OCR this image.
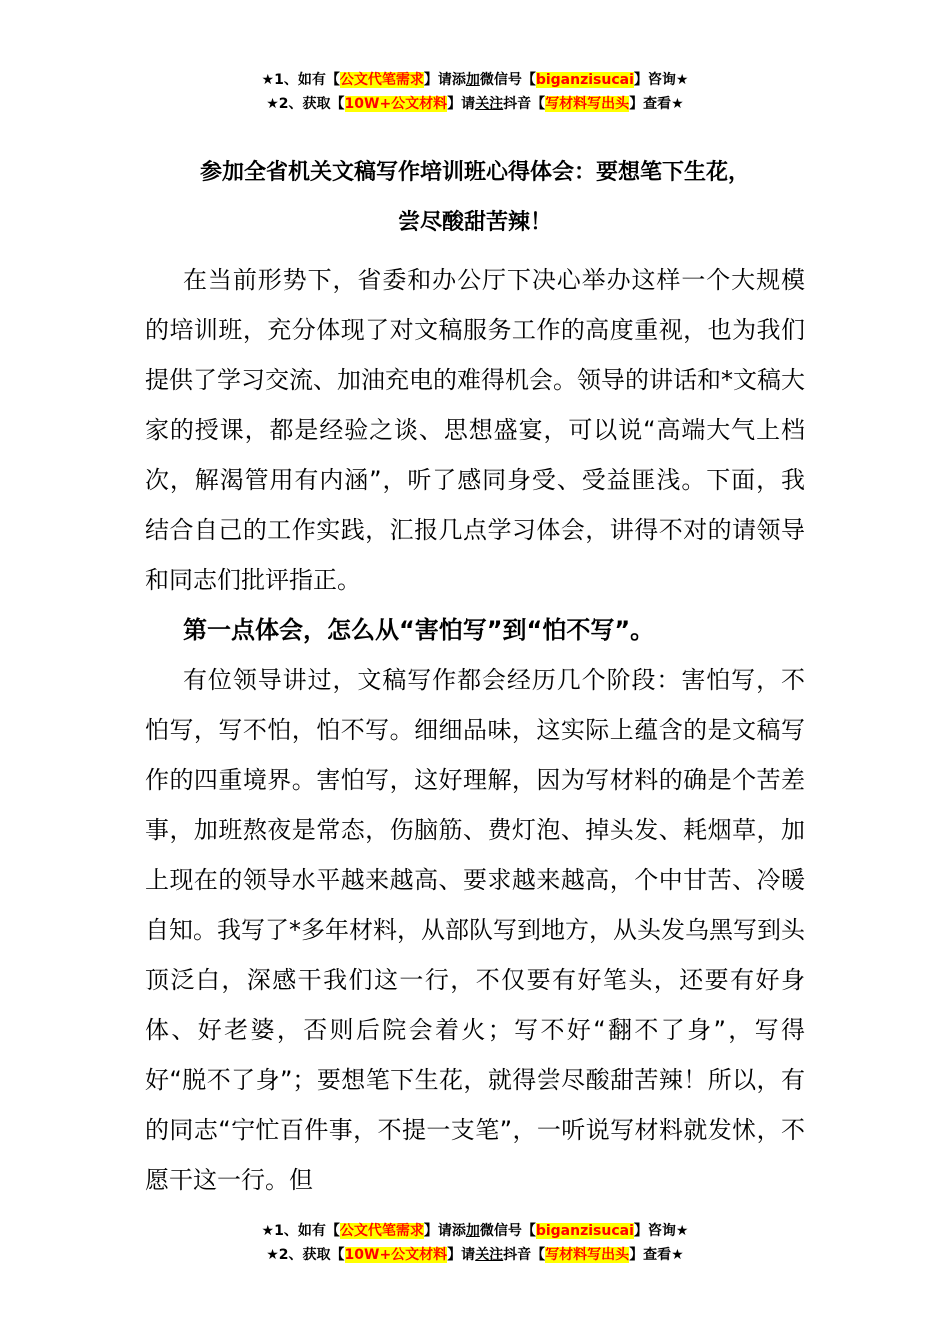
★1、如有【公文代笔需求】请添加微信号【biganzisucai】咨询★
★2、获取【10W+公文材料】请关注抖音【写材料写出头】查看★
参加全省机关文稿写作培训班心得体会：要想笔下生花，
尝尽酸甜苦辣！

在当前形势下，省委和办公厅下决心举办这样一个大规模的培训班，充分体现了对文稿服务工作的高度重视，也为我们提供了学习交流、加油充电的难得机会。领导的讲话和*文稿大家的授课，都是经验之谈、思想盛宴，可以说“高端大气上档次，解渴管用有内涵”，听了感同身受、受益匪浅。下面，我结合自己的工作实践，汇报几点学习体会，讲得不对的请领导和同志们批评指正。

第一点体会，怎么从“害怕写”到“怕不写”。

有位领导讲过，文稿写作都会经历几个阶段：害怕写，不怕写，写不怕，怕不写。细细品味，这实际上蕴含的是文稿写作的四重境界。害怕写，这好理解，因为写材料的确是个苦差事，加班熬夜是常态，伤脑筋、费灯泡、掉头发、耗烟草，加上现在的领导水平越来越高、要求越来越高，个中甘苦、冷暖自知。我写了*多年材料，从部队写到地方，从头发乌黑写到头顶泛白，深感干我们这一行，不仅要有好笔头，还要有好身体、好老婆，否则后院会着火；写不好“翻不了身”，写得好“脱不了身”；要想笔下生花，就得尝尽酸甜苦辣！所以，有的同志“宁忙百件事，不提一支笔”，一听说写材料就发怵，不愿干这一行。但

★1、如有【公文代笔需求】请添加微信号【biganzisucai】咨询★
★2、获取【10W+公文材料】请关注抖音【写材料写出头】查看★
